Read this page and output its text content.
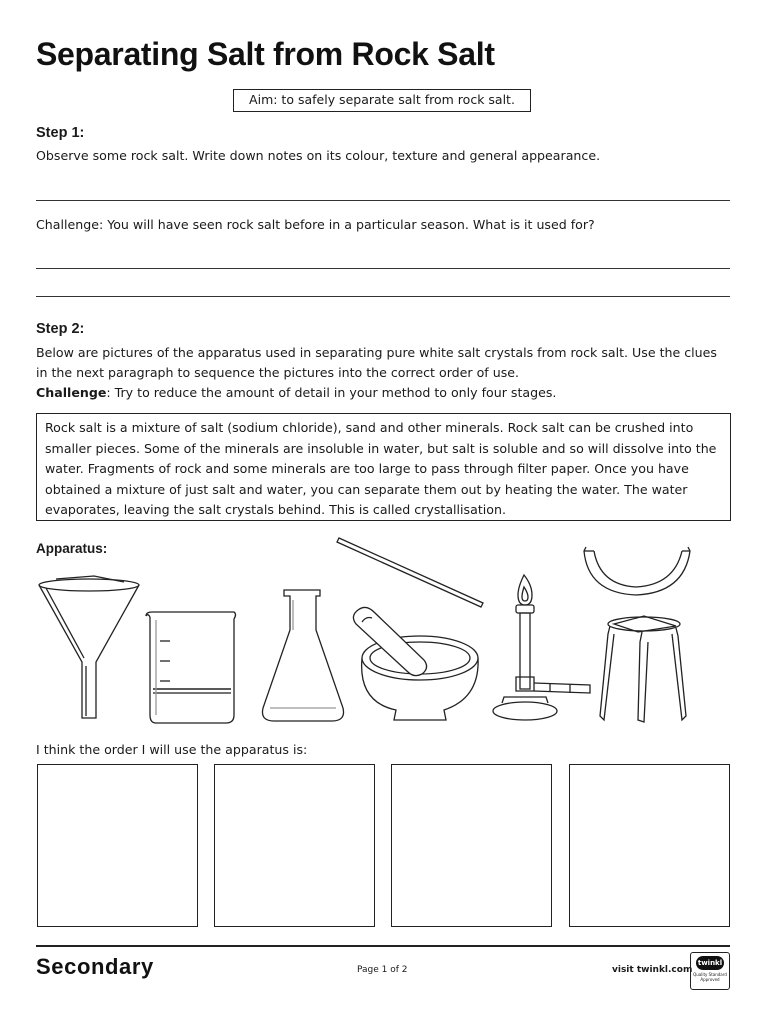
Separating Salt from Rock Salt
Aim: to safely separate salt from rock salt.
Step 1:

Observe some rock salt. Write down notes on its colour, texture and general appearance.

Challenge: You will have seen rock salt before in a particular season. What is it used for?

Step 2:

Below are pictures of the apparatus used in separating pure white salt crystals from rock salt. Use the clues in the next paragraph to sequence the pictures into the correct order of use.

Challenge: Try to reduce the amount of detail in your method to only four stages.

Rock salt is a mixture of salt (sodium chloride), sand and other minerals. Rock salt can be crushed into smaller pieces. Some of the minerals are insoluble in water, but salt is soluble and so will dissolve into the water. Fragments of rock and some minerals are too large to pass through filter paper. Once you have obtained a mixture of just salt and water, you can separate them out by heating the water. The water evaporates, leaving the salt crystals behind. This is called crystallisation.
Apparatus:

I think the order I will use the apparatus is:

Secondary	Page 1 of 2	visit twinkl.com
twinkl
Quality Standard Approved
